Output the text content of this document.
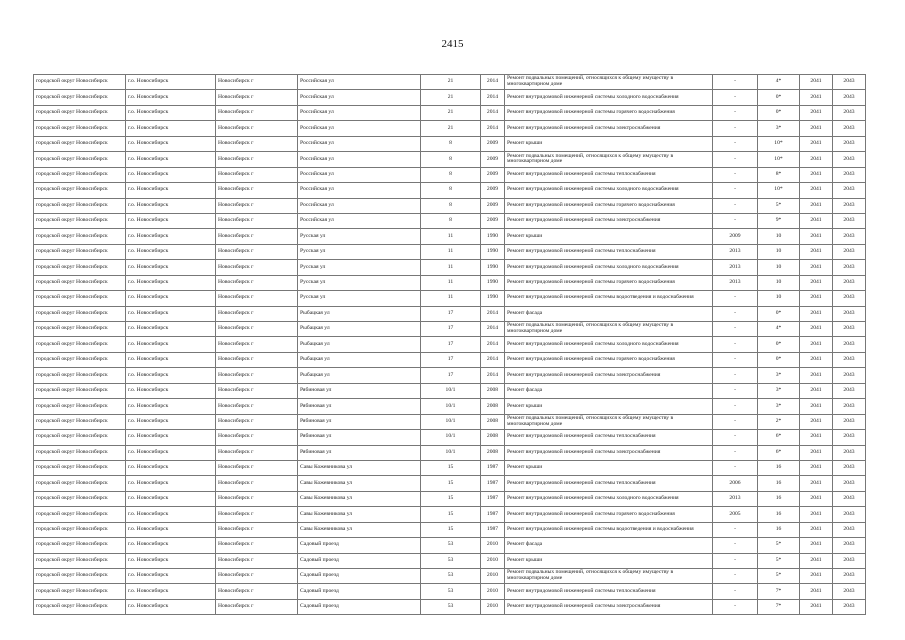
2415
городской округ Новосибирск	г.о. Новосибирск	Новосибирск г	Российская ул	21	2014	Ремонт подвальных помещений, относящихся к общему имуществу в многоквартирном доме	-	4*	2041	2043
городской округ Новосибирск	г.о. Новосибирск	Новосибирск г	Российская ул	21	2014	Ремонт внутридомовой инженерной системы холодного водоснабжения	-	0*	2041	2043
городской округ Новосибирск	г.о. Новосибирск	Новосибирск г	Российская ул	21	2014	Ремонт внутридомовой инженерной системы горячего водоснабжения	-	0*	2041	2043
городской округ Новосибирск	г.о. Новосибирск	Новосибирск г	Российская ул	21	2014	Ремонт внутридомовой инженерной системы электроснабжения	-	3*	2041	2043
городской округ Новосибирск	г.о. Новосибирск	Новосибирск г	Российская ул	8	2009	Ремонт крыши	-	10*	2041	2043
городской округ Новосибирск	г.о. Новосибирск	Новосибирск г	Российская ул	8	2009	Ремонт подвальных помещений, относящихся к общему имуществу в многоквартирном доме	-	10*	2041	2043
городской округ Новосибирск	г.о. Новосибирск	Новосибирск г	Российская ул	8	2009	Ремонт внутридомовой инженерной системы теплоснабжения	-	8*	2041	2043
городской округ Новосибирск	г.о. Новосибирск	Новосибирск г	Российская ул	8	2009	Ремонт внутридомовой инженерной системы холодного водоснабжения	-	10*	2041	2043
городской округ Новосибирск	г.о. Новосибирск	Новосибирск г	Российская ул	8	2009	Ремонт внутридомовой инженерной системы горячего водоснабжения	-	5*	2041	2043
городской округ Новосибирск	г.о. Новосибирск	Новосибирск г	Российская ул	8	2009	Ремонт внутридомовой инженерной системы электроснабжения	-	9*	2041	2043
городской округ Новосибирск	г.о. Новосибирск	Новосибирск г	Русская ул	11	1990	Ремонт крыши	2009	10	2041	2043
городской округ Новосибирск	г.о. Новосибирск	Новосибирск г	Русская ул	11	1990	Ремонт внутридомовой инженерной системы теплоснабжения	2013	10	2041	2043
городской округ Новосибирск	г.о. Новосибирск	Новосибирск г	Русская ул	11	1990	Ремонт внутридомовой инженерной системы холодного водоснабжения	2013	10	2041	2043
городской округ Новосибирск	г.о. Новосибирск	Новосибирск г	Русская ул	11	1990	Ремонт внутридомовой инженерной системы горячего водоснабжения	2013	10	2041	2043
городской округ Новосибирск	г.о. Новосибирск	Новосибирск г	Русская ул	11	1990	Ремонт внутридомовой инженерной системы водоотведения и водоснабжения	-	10	2041	2043
городской округ Новосибирск	г.о. Новосибирск	Новосибирск г	Рыбацкая ул	17	2014	Ремонт фасада	-	0*	2041	2043
городской округ Новосибирск	г.о. Новосибирск	Новосибирск г	Рыбацкая ул	17	2014	Ремонт подвальных помещений, относящихся к общему имуществу в многоквартирном доме	-	4*	2041	2043
городской округ Новосибирск	г.о. Новосибирск	Новосибирск г	Рыбацкая ул	17	2014	Ремонт внутридомовой инженерной системы холодного водоснабжения	-	0*	2041	2043
городской округ Новосибирск	г.о. Новосибирск	Новосибирск г	Рыбацкая ул	17	2014	Ремонт внутридомовой инженерной системы горячего водоснабжения	-	0*	2041	2043
городской округ Новосибирск	г.о. Новосибирск	Новосибирск г	Рыбацкая ул	17	2014	Ремонт внутридомовой инженерной системы электроснабжения	-	3*	2041	2043
городской округ Новосибирск	г.о. Новосибирск	Новосибирск г	Рябиновая ул	10/1	2008	Ремонт фасада	-	3*	2041	2043
городской округ Новосибирск	г.о. Новосибирск	Новосибирск г	Рябиновая ул	10/1	2008	Ремонт крыши	-	3*	2041	2043
городской округ Новосибирск	г.о. Новосибирск	Новосибирск г	Рябиновая ул	10/1	2008	Ремонт подвальных помещений, относящихся к общему имуществу в многоквартирном доме	-	2*	2041	2043
городской округ Новосибирск	г.о. Новосибирск	Новосибирск г	Рябиновая ул	10/1	2008	Ремонт внутридомовой инженерной системы теплоснабжения	-	6*	2041	2043
городской округ Новосибирск	г.о. Новосибирск	Новосибирск г	Рябиновая ул	10/1	2008	Ремонт внутридомовой инженерной системы электроснабжения	-	6*	2041	2043
городской округ Новосибирск	г.о. Новосибирск	Новосибирск г	Савы Кожевникова ул	15	1987	Ремонт крыши	-	16	2041	2043
городской округ Новосибирск	г.о. Новосибирск	Новосибирск г	Савы Кожевникова ул	15	1987	Ремонт внутридомовой инженерной системы теплоснабжения	2006	16	2041	2043
городской округ Новосибирск	г.о. Новосибирск	Новосибирск г	Савы Кожевникова ул	15	1987	Ремонт внутридомовой инженерной системы холодного водоснабжения	2013	16	2041	2043
городской округ Новосибирск	г.о. Новосибирск	Новосибирск г	Савы Кожевникова ул	15	1987	Ремонт внутридомовой инженерной системы горячего водоснабжения	2005	16	2041	2043
городской округ Новосибирск	г.о. Новосибирск	Новосибирск г	Савы Кожевникова ул	15	1987	Ремонт внутридомовой инженерной системы водоотведения и водоснабжения	-	16	2041	2043
городской округ Новосибирск	г.о. Новосибирск	Новосибирск г	Садовый проезд	53	2010	Ремонт фасада	-	5*	2041	2043
городской округ Новосибирск	г.о. Новосибирск	Новосибирск г	Садовый проезд	53	2010	Ремонт крыши	-	5*	2041	2043
городской округ Новосибирск	г.о. Новосибирск	Новосибирск г	Садовый проезд	53	2010	Ремонт подвальных помещений, относящихся к общему имуществу в многоквартирном доме	-	5*	2041	2043
городской округ Новосибирск	г.о. Новосибирск	Новосибирск г	Садовый проезд	53	2010	Ремонт внутридомовой инженерной системы теплоснабжения	-	7*	2041	2043
городской округ Новосибирск	г.о. Новосибирск	Новосибирск г	Садовый проезд	53	2010	Ремонт внутридомовой инженерной системы электроснабжения	-	7*	2041	2043
